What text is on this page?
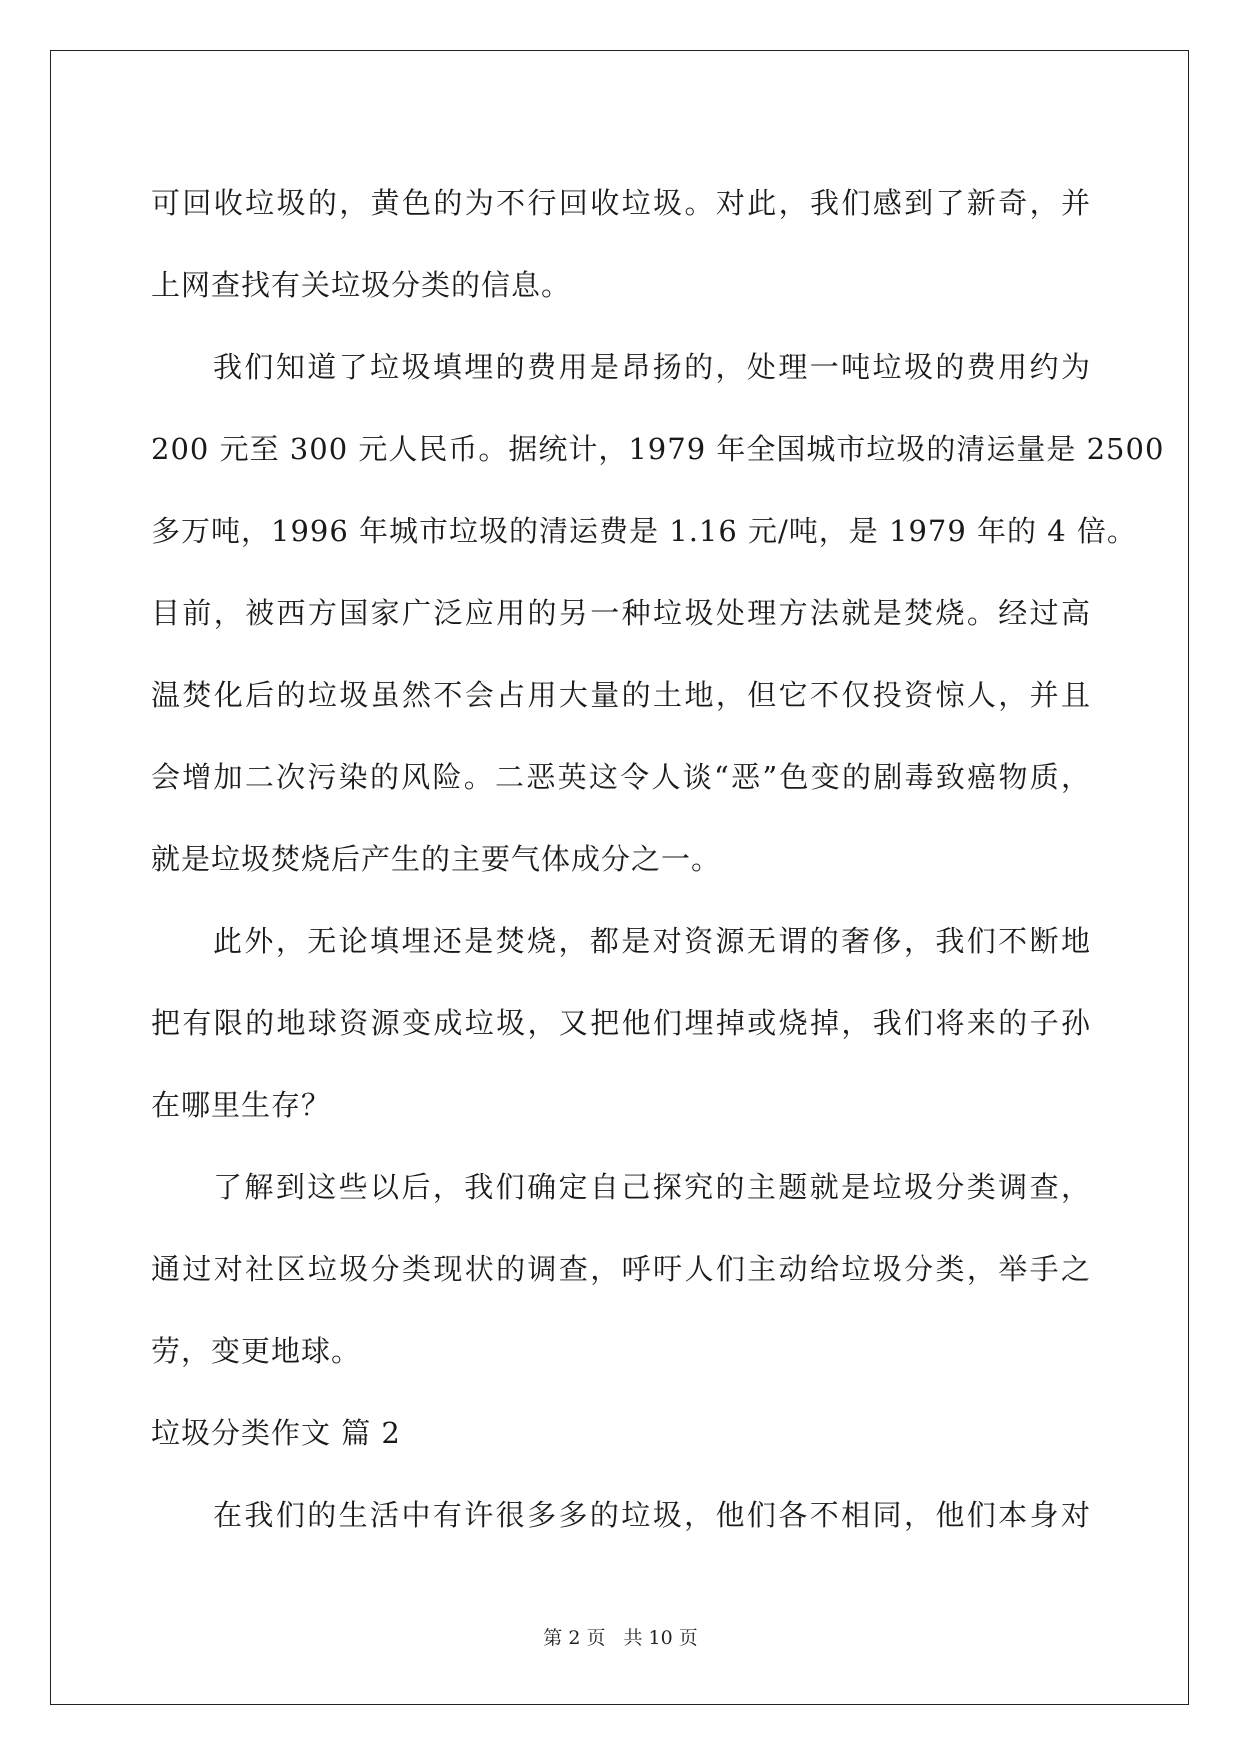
可回收垃圾的，黄色的为不行回收垃圾。对此，我们感到了新奇，并
上网查找有关垃圾分类的信息。
我们知道了垃圾填埋的费用是昂扬的，处理一吨垃圾的费用约为
200 元至 300 元人民币。据统计，1979 年全国城市垃圾的清运量是 2500
多万吨，1996 年城市垃圾的清运费是 1.16 元/吨，是 1979 年的 4 倍。
目前，被西方国家广泛应用的另一种垃圾处理方法就是焚烧。经过高
温焚化后的垃圾虽然不会占用大量的土地，但它不仅投资惊人，并且
会增加二次污染的风险。二恶英这令人谈“恶”色变的剧毒致癌物质，
就是垃圾焚烧后产生的主要气体成分之一。
此外，无论填埋还是焚烧，都是对资源无谓的奢侈，我们不断地
把有限的地球资源变成垃圾，又把他们埋掉或烧掉，我们将来的子孙
在哪里生存？
了解到这些以后，我们确定自己探究的主题就是垃圾分类调查，
通过对社区垃圾分类现状的调查，呼吁人们主动给垃圾分类，举手之
劳，变更地球。
垃圾分类作文 篇 2
在我们的生活中有许很多多的垃圾，他们各不相同，他们本身对
第 2 页 共 10 页
